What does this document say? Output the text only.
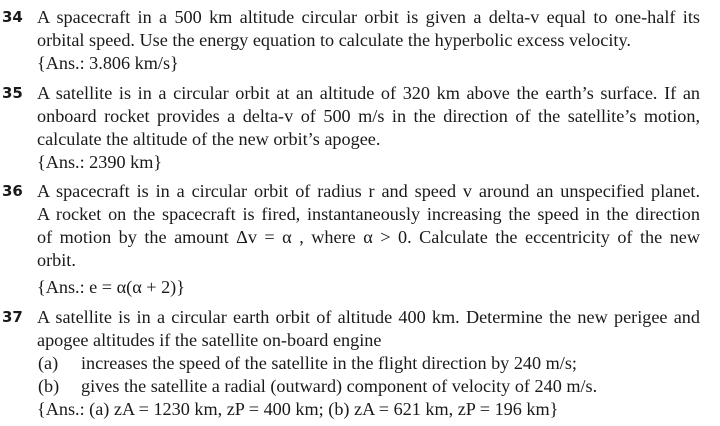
34 A spacecraft in a 500 km altitude circular orbit is given a delta-v equal to one-half its
orbital speed. Use the energy equation to calculate the hyperbolic excess velocity.
{Ans.: 3.806 km/s}
35 A satellite is in a circular orbit at an altitude of 320 km above the earth’s surface. If an
onboard rocket provides a delta-v of 500 m/s in the direction of the satellite’s motion,
calculate the altitude of the new orbit’s apogee.
{Ans.: 2390 km}
36 A spacecraft is in a circular orbit of radius r and speed v around an unspecified planet.
A rocket on the spacecraft is fired, instantaneously increasing the speed in the direction
of motion by the amount Δv = α , where α > 0. Calculate the eccentricity of the new
orbit.
{Ans.: e = α(α + 2)}
37 A satellite is in a circular earth orbit of altitude 400 km. Determine the new perigee and
apogee altitudes if the satellite on-board engine
(a)	increases the speed of the satellite in the flight direction by 240 m/s;
(b)	gives the satellite a radial (outward) component of velocity of 240 m/s.
{Ans.: (a) zA = 1230 km, zP = 400 km; (b) zA = 621 km, zP = 196 km}
